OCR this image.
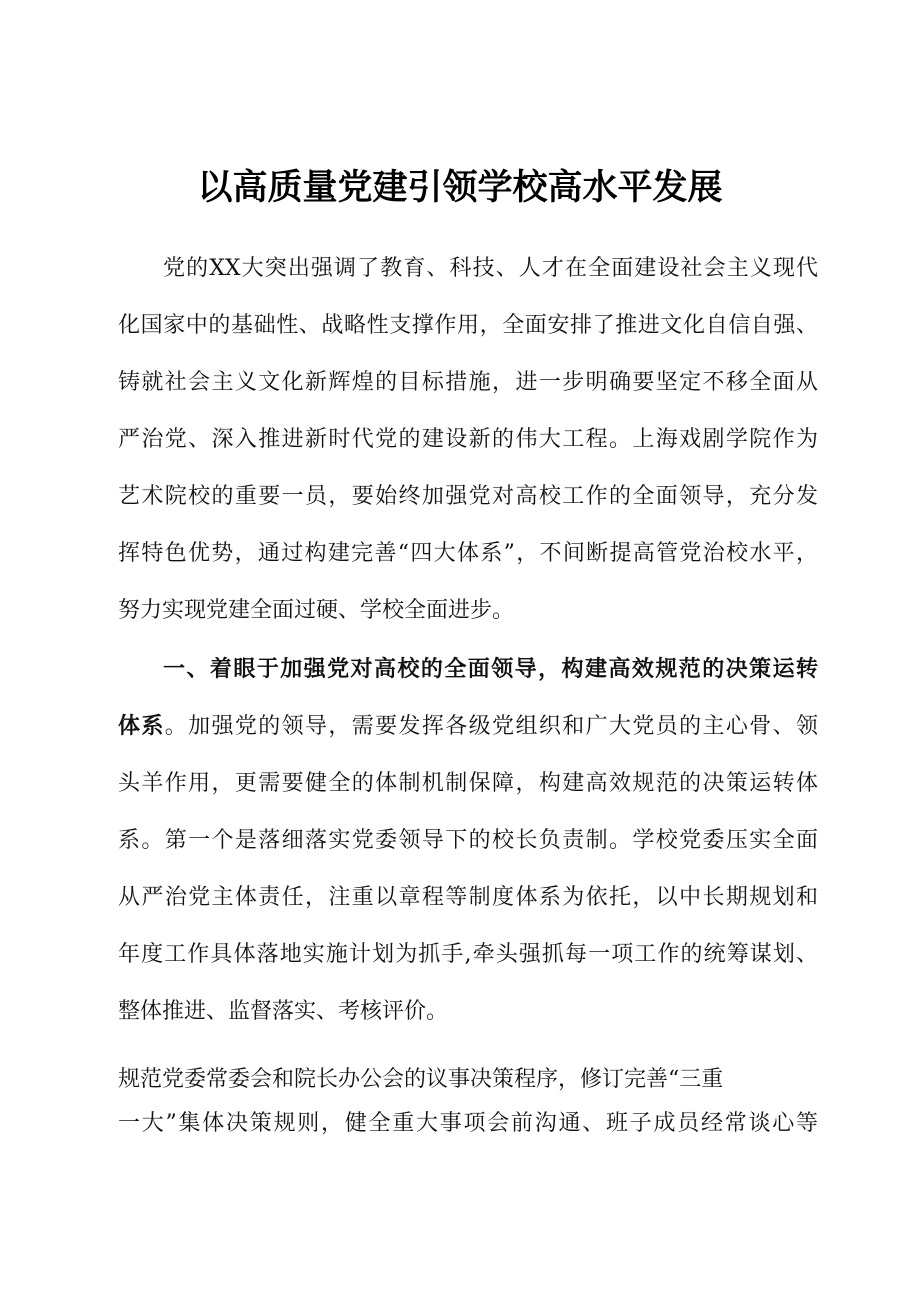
以高质量党建引领学校高水平发展

党的XX大突出强调了教育、科技、人才在全面建设社会主义现代

化国家中的基础性、战略性支撑作用，全面安排了推进文化自信自强、

铸就社会主义文化新辉煌的目标措施，进一步明确要坚定不移全面从

严治党、深入推进新时代党的建设新的伟大工程。上海戏剧学院作为

艺术院校的重要一员，要始终加强党对高校工作的全面领导，充分发

挥特色优势，通过构建完善“四大体系”，不间断提高管党治校水平，

努力实现党建全面过硬、学校全面进步。

一、着眼于加强党对高校的全面领导，构建高效规范的决策运转

体系。加强党的领导，需要发挥各级党组织和广大党员的主心骨、领

头羊作用，更需要健全的体制机制保障，构建高效规范的决策运转体

系。第一个是落细落实党委领导下的校长负责制。学校党委压实全面

从严治党主体责任，注重以章程等制度体系为依托，以中长期规划和

年度工作具体落地实施计划为抓手,牵头强抓每一项工作的统筹谋划、

整体推进、监督落实、考核评价。

规范党委常委会和院长办公会的议事决策程序，修订完善“三重

一大”集体决策规则，健全重大事项会前沟通、班子成员经常谈心等
